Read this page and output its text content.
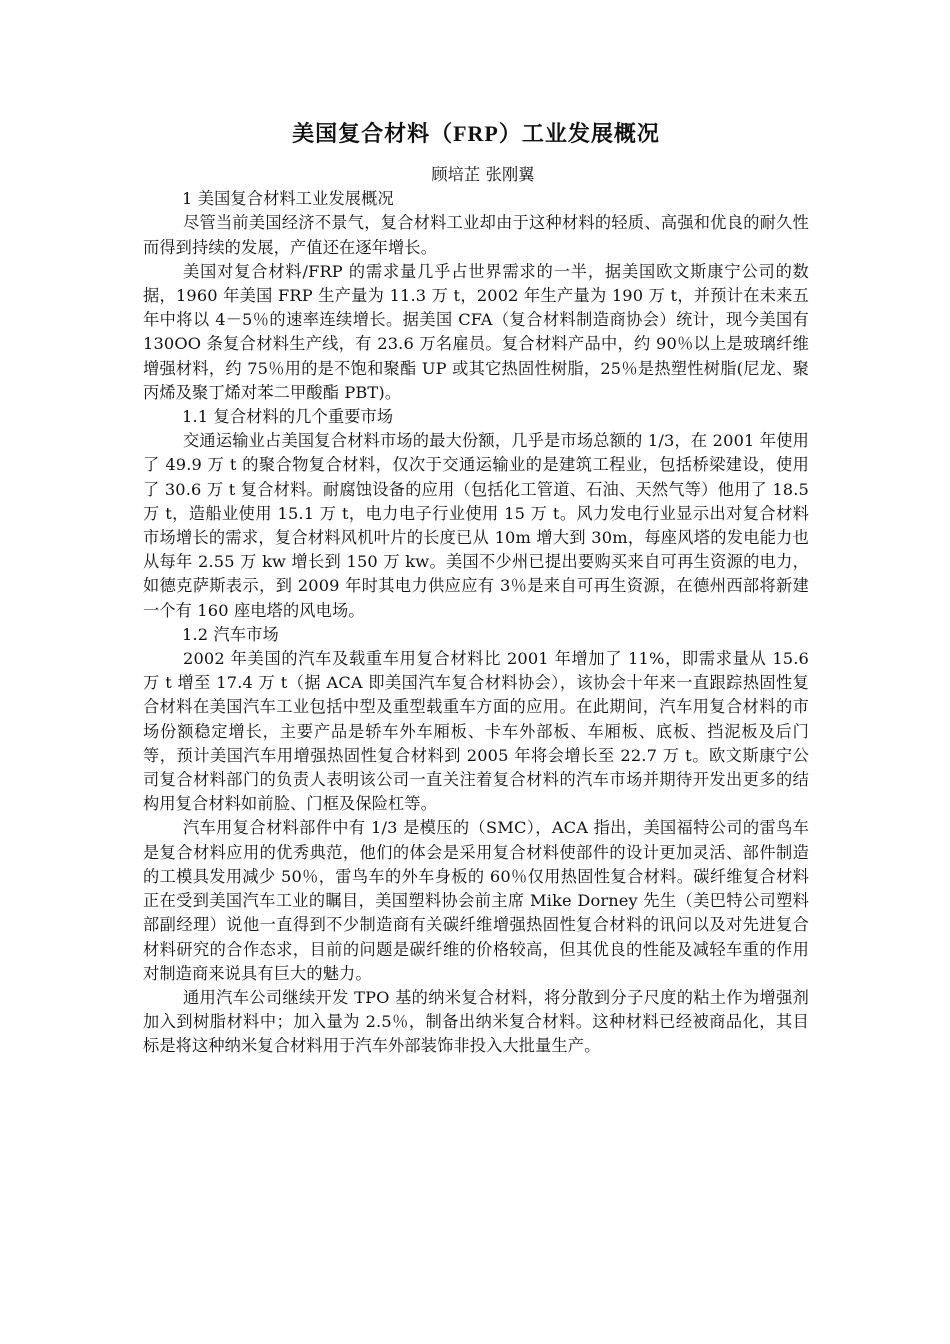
美国复合材料（FRP）工业发展概况
顾培芷 张刚翼
1 美国复合材料工业发展概况

尽管当前美国经济不景气，复合材料工业却由于这种材料的轻质、高强和优良的耐久性而得到持续的发展，产值还在逐年增长。

美国对复合材料/FRP 的需求量几乎占世界需求的一半，据美国欧文斯康宁公司的数据，1960 年美国 FRP 生产量为 11.3 万 t，2002 年生产量为 190 万 t，并预计在未来五年中将以 4－5％的速率连续增长。据美国 CFA（复合材料制造商协会）统计，现今美国有 130OO 条复合材料生产线，有 23.6 万名雇员。复合材料产品中，约 90％以上是玻璃纤维增强材料，约 75％用的是不饱和聚酯 UP 或其它热固性树脂，25％是热塑性树脂(尼龙、聚丙烯及聚丁烯对苯二甲酸酯 PBT)。

1.1 复合材料的几个重要市场

交通运输业占美国复合材料市场的最大份额，几乎是市场总额的 1/3，在 2001 年使用了 49.9 万 t 的聚合物复合材料，仅次于交通运输业的是建筑工程业，包括桥梁建设，使用了 30.6 万 t 复合材料。耐腐蚀设备的应用（包括化工管道、石油、天然气等）他用了 18.5 万 t，造船业使用 15.1 万 t，电力电子行业使用 15 万 t。风力发电行业显示出对复合材料市场增长的需求，复合材料风机叶片的长度已从 10m 增大到 30m，每座风塔的发电能力也从每年 2.55 万 kw 增长到 150 万 kw。美国不少州已提出要购买来自可再生资源的电力，如德克萨斯表示，到 2009 年时其电力供应应有 3％是来自可再生资源，在德州西部将新建一个有 160 座电塔的风电场。

1.2 汽车市场

2002 年美国的汽车及载重车用复合材料比 2001 年增加了 11%，即需求量从 15.6 万 t 增至 17.4 万 t（据 ACA 即美国汽车复合材料协会），该协会十年来一直跟踪热固性复合材料在美国汽车工业包括中型及重型载重车方面的应用。在此期间，汽车用复合材料的市场份额稳定增长，主要产品是轿车外车厢板、卡车外部板、车厢板、底板、挡泥板及后门等，预计美国汽车用增强热固性复合材料到 2005 年将会增长至 22.7 万 t。欧文斯康宁公司复合材料部门的负责人表明该公司一直关注着复合材料的汽车市场并期待开发出更多的结构用复合材料如前脸、门框及保险杠等。

汽车用复合材料部件中有 1/3 是模压的（SMC），ACA 指出，美国福特公司的雷鸟车是复合材料应用的优秀典范，他们的体会是采用复合材料使部件的设计更加灵活、部件制造的工模具发用减少 50％，雷鸟车的外车身板的 60％仅用热固性复合材料。碳纤维复合材料正在受到美国汽车工业的瞩目，美国塑料协会前主席 Mike Dorney 先生（美巴特公司塑料部副经理）说他一直得到不少制造商有关碳纤维增强热固性复合材料的讯问以及对先进复合材料研究的合作态求，目前的问题是碳纤维的价格较高，但其优良的性能及减轻车重的作用对制造商来说具有巨大的魅力。

通用汽车公司继续开发 TPO 基的纳米复合材料，将分散到分子尺度的粘土作为增强剂加入到树脂材料中；加入量为 2.5％，制备出纳米复合材料。这种材料已经被商品化，其目标是将这种纳米复合材料用于汽车外部装饰非投入大批量生产。
